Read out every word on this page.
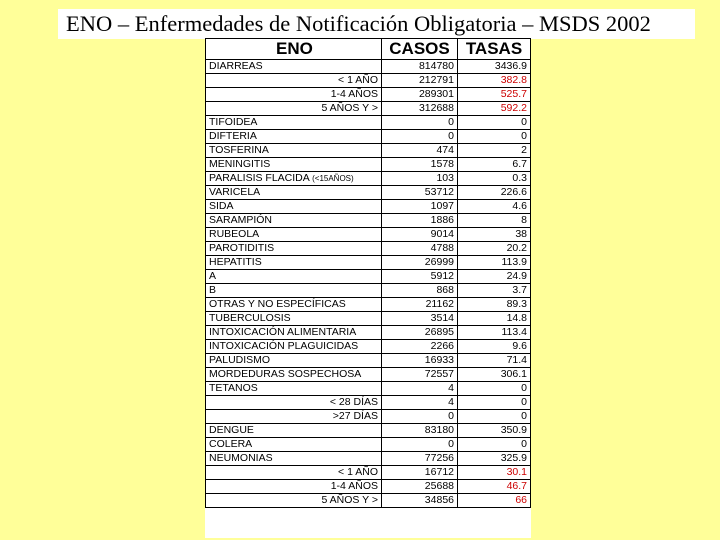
ENO – Enfermedades de Notificación Obligatoria – MSDS 2002
ENO	CASOS	TASAS
DIARREAS	814780	3436.9
< 1 AÑO	212791	382.8
1-4 AÑOS	289301	525.7
5 AÑOS Y >	312688	592.2
TIFOIDEA	0	0
DIFTERIA	0	0
TOSFERINA	474	2
MENINGITIS	1578	6.7
PARALISIS FLACIDA (<15AÑOS)	103	0.3
VARICELA	53712	226.6
SIDA	1097	4.6
SARAMPIÓN	1886	8
RUBEOLA	9014	38
PAROTIDITIS	4788	20.2
HEPATITIS	26999	113.9
A	5912	24.9
B	868	3.7
OTRAS Y NO ESPECÍFICAS	21162	89.3
TUBERCULOSIS	3514	14.8
INTOXICACIÓN ALIMENTARIA	26895	113.4
INTOXICACIÓN PLAGUICIDAS	2266	9.6
PALUDISMO	16933	71.4
MORDEDURAS SOSPECHOSA	72557	306.1
TETANOS	4	0
< 28 DÍAS	4	0
>27 DÍAS	0	0
DENGUE	83180	350.9
COLERA	0	0
NEUMONIAS	77256	325.9
< 1 AÑO	16712	30.1
1-4 AÑOS	25688	46.7
5 AÑOS Y >	34856	66
